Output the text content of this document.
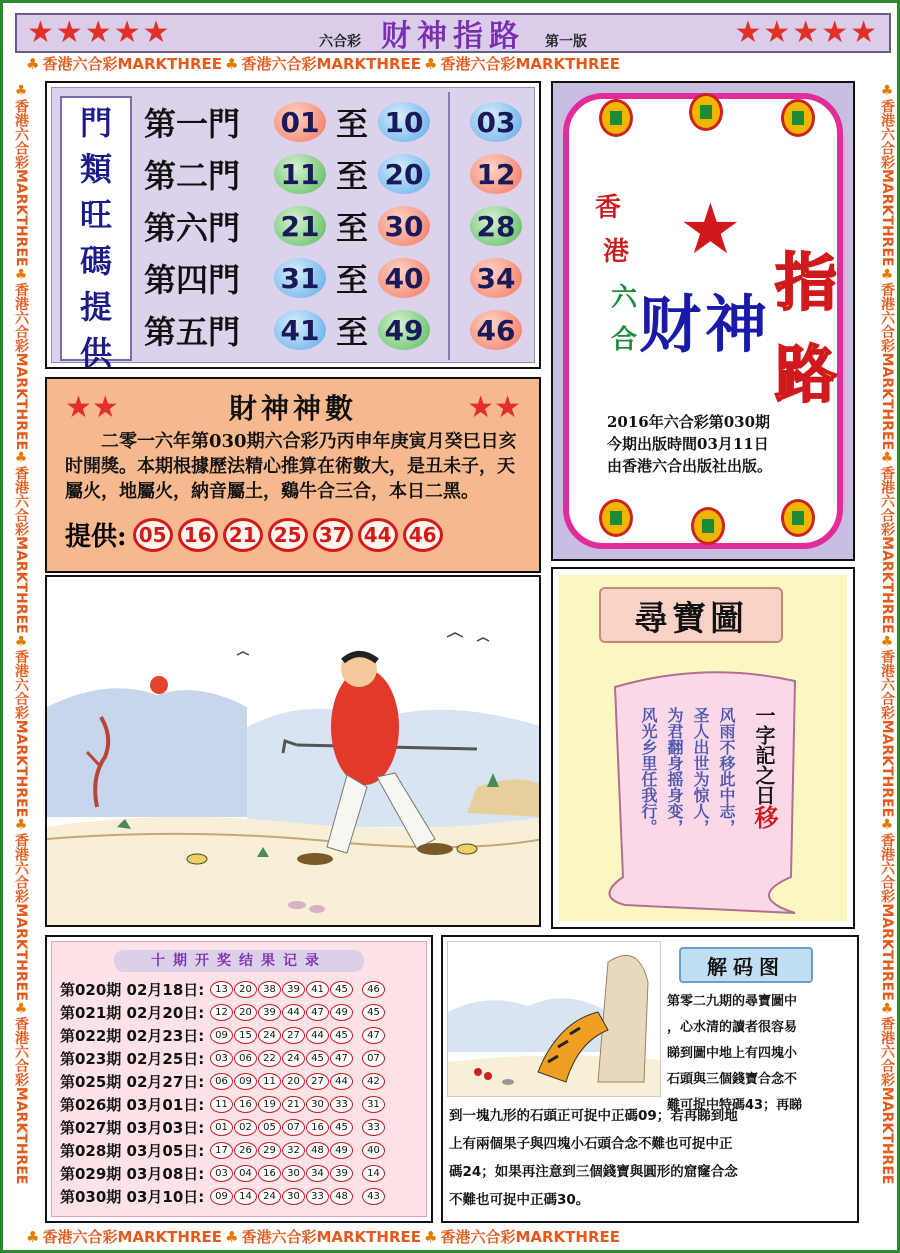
♣ 香港六合彩MARKTHREE ♣ 香港六合彩MARKTHREE ♣ 香港六合彩MARKTHREE
♣ 香港六合彩MARKTHREE ♣ 香港六合彩MARKTHREE ♣ 香港六合彩MARKTHREE
♣香港六合彩MARKTHREE♣香港六合彩MARKTHREE♣香港六合彩MARKTHREE♣香港六合彩MARKTHREE♣香港六合彩MARKTHREE♣香港六合彩MARKTHREE
♣香港六合彩MARKTHREE♣香港六合彩MARKTHREE♣香港六合彩MARKTHREE♣香港六合彩MARKTHREE♣香港六合彩MARKTHREE♣香港六合彩MARKTHREE
★★★★★	六合彩 财神指路 第一版	★★★★★
門
類
旺
碼
提
供
第一門	01 至 10 03
第二門	11 至 20 12
第六門	21 至 30 28
第四門	31 至 40 34
第五門	41 至 49 46
★
香
港
六
合 财 神
指
路
2016年六合彩第030期
今期出版時間03月11日
由香港六合出版社出版。
★★	財神神數	★★

二零一六年第030期六合彩乃丙申年庚寅月癸巳日亥时開獎。本期根據歷法精心推算在術數大，是丑未子，天屬火，地屬火，納音屬土，鷄牛合三合，本日二黑。

提供: 05 16 21 25 37 44 46
尋寶圖
风雨不移此中志，
圣人出世为惊人，
为君翻身摇身变，
风光乡里任我行。	一字記之日移
十期开奖结果记录
第020期 02月18日:	13	20	38	39	41	45	46
第021期 02月20日:	12	20	39	44	47	49	45
第022期 02月23日:	09	15	24	27	44	45	47
第023期 02月25日:	03	06	22	24	45	47	07
第025期 02月27日:	06	09	11	20	27	44	42
第026期 03月01日:	11	16	19	21	30	33	31
第027期 03月03日:	01	02	05	07	16	45	33
第028期 03月05日:	17	26	29	32	48	49	40
第029期 03月08日:	03	04	16	30	34	39	14
第030期 03月10日:	09	14	24	30	33	48	43
解码图
第零二九期的尋寶圖中
，心水清的讀者很容易
睇到圖中地上有四塊小
石頭與三個錢寶合念不
難可捉中特碼43；再睇
到一塊九形的石頭正可捉中正碼09；若再睇到地
上有兩個果子與四塊小石頭合念不難也可捉中正
碼24；如果再注意到三個錢寶與圓形的窟窿合念
不難也可捉中正碼30。
